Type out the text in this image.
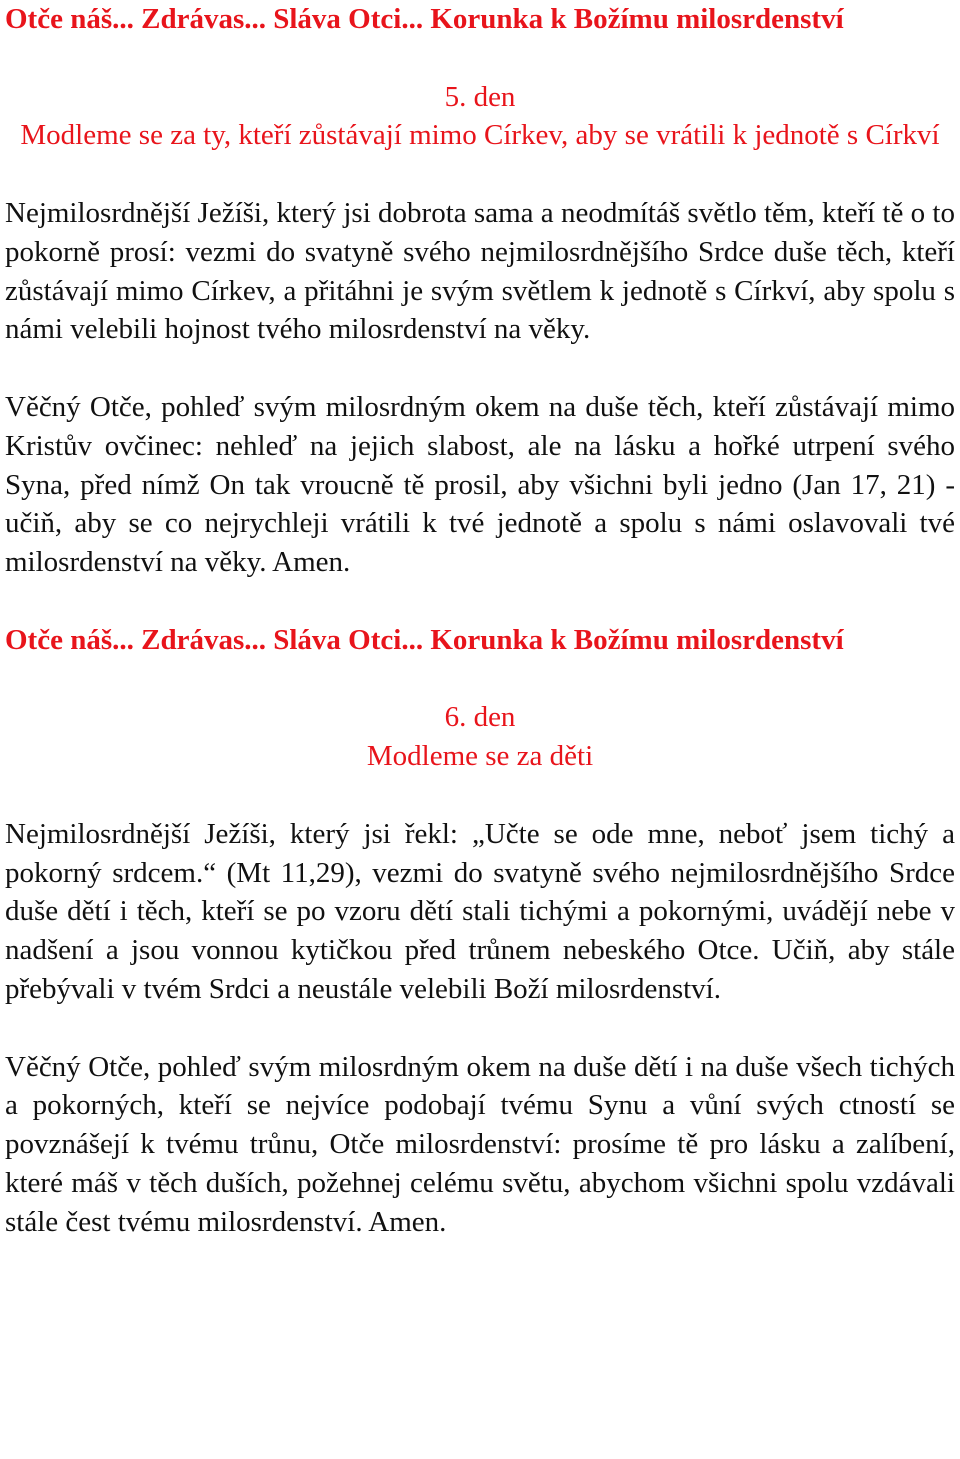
Otče náš... Zdrávas... Sláva Otci... Korunka k Božímu milosrdenství

5. den
Modleme se za ty, kteří zůstávají mimo Církev, aby se vrátili k jednotě s Církví

Nejmilosrdnější Ježíši, který jsi dobrota sama a neodmítáš světlo těm, kteří tě o to pokorně prosí: vezmi do svatyně svého nejmilosrdnějšího Srdce duše těch, kteří zůstávají mimo Církev, a přitáhni je svým světlem k jednotě s Církví, aby spolu s námi velebili hojnost tvého milosrdenství na věky.

Věčný Otče, pohleď svým milosrdným okem na duše těch, kteří zůstávají mimo Kristův ovčinec: nehleď na jejich slabost, ale na lásku a hořké utrpení svého Syna, před nímž On tak vroucně tě prosil, aby všichni byli jedno (Jan 17, 21) - učiň, aby se co nejrychleji vrátili k tvé jednotě a spolu s námi oslavovali tvé milosrdenství na věky. Amen.

Otče náš... Zdrávas... Sláva Otci... Korunka k Božímu milosrdenství

6. den
Modleme se za děti

Nejmilosrdnější Ježíši, který jsi řekl: „Učte se ode mne, neboť jsem tichý a pokorný srdcem.“ (Mt 11,29), vezmi do svatyně svého nejmilosrdnějšího Srdce duše dětí i těch, kteří se po vzoru dětí stali tichými a pokornými, uvádějí nebe v nadšení a jsou vonnou kytičkou před trůnem nebeského Otce. Učiň, aby stále přebývali v tvém Srdci a neustále velebili Boží milosrdenství.

Věčný Otče, pohleď svým milosrdným okem na duše dětí i na duše všech tichých a pokorných, kteří se nejvíce podobají tvému Synu a vůní svých ctností se povznášejí k tvému trůnu, Otče milosrdenství: prosíme tě pro lásku a zalíbení, které máš v těch duších, požehnej celému světu, abychom všichni spolu vzdávali stále čest tvému milosrdenství. Amen.
